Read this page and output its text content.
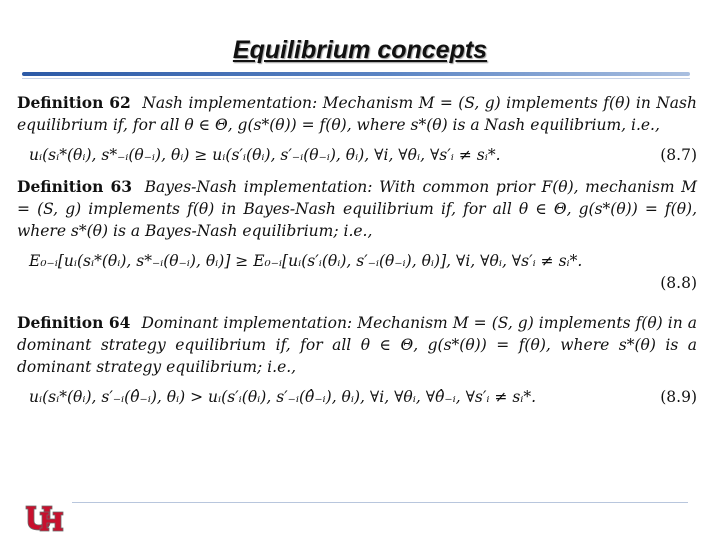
Equilibrium concepts

Definition 62 Nash implementation: Mechanism M = (S, g) implements f(θ) in Nash equilibrium if, for all θ ∈ Θ, g(s*(θ)) = f(θ), where s*(θ) is a Nash equilibrium, i.e.,

uᵢ(sᵢ*(θᵢ), s*₋ᵢ(θ₋ᵢ), θᵢ) ≥ uᵢ(s′ᵢ(θᵢ), s′₋ᵢ(θ₋ᵢ), θᵢ), ∀i, ∀θᵢ, ∀s′ᵢ ≠ sᵢ*.	(8.7)

Definition 63 Bayes-Nash implementation: With common prior F(θ), mechanism M = (S, g) implements f(θ) in Bayes-Nash equilibrium if, for all θ ∈ Θ, g(s*(θ)) = f(θ), where s*(θ) is a Bayes-Nash equilibrium; i.e.,

E₀₋ᵢ[uᵢ(sᵢ*(θᵢ), s*₋ᵢ(θ₋ᵢ), θᵢ)] ≥ E₀₋ᵢ[uᵢ(s′ᵢ(θᵢ), s′₋ᵢ(θ₋ᵢ), θᵢ)], ∀i, ∀θᵢ, ∀s′ᵢ ≠ sᵢ*.
(8.8)

Definition 64 Dominant implementation: Mechanism M = (S, g) implements f(θ) in a dominant strategy equilibrium if, for all θ ∈ Θ, g(s*(θ)) = f(θ), where s*(θ) is a dominant strategy equilibrium; i.e.,

uᵢ(sᵢ*(θᵢ), s′₋ᵢ(θ̂₋ᵢ), θᵢ) > uᵢ(s′ᵢ(θᵢ), s′₋ᵢ(θ̂₋ᵢ), θᵢ), ∀i, ∀θᵢ, ∀θ̂₋ᵢ, ∀s′ᵢ ≠ sᵢ*.	(8.9)
